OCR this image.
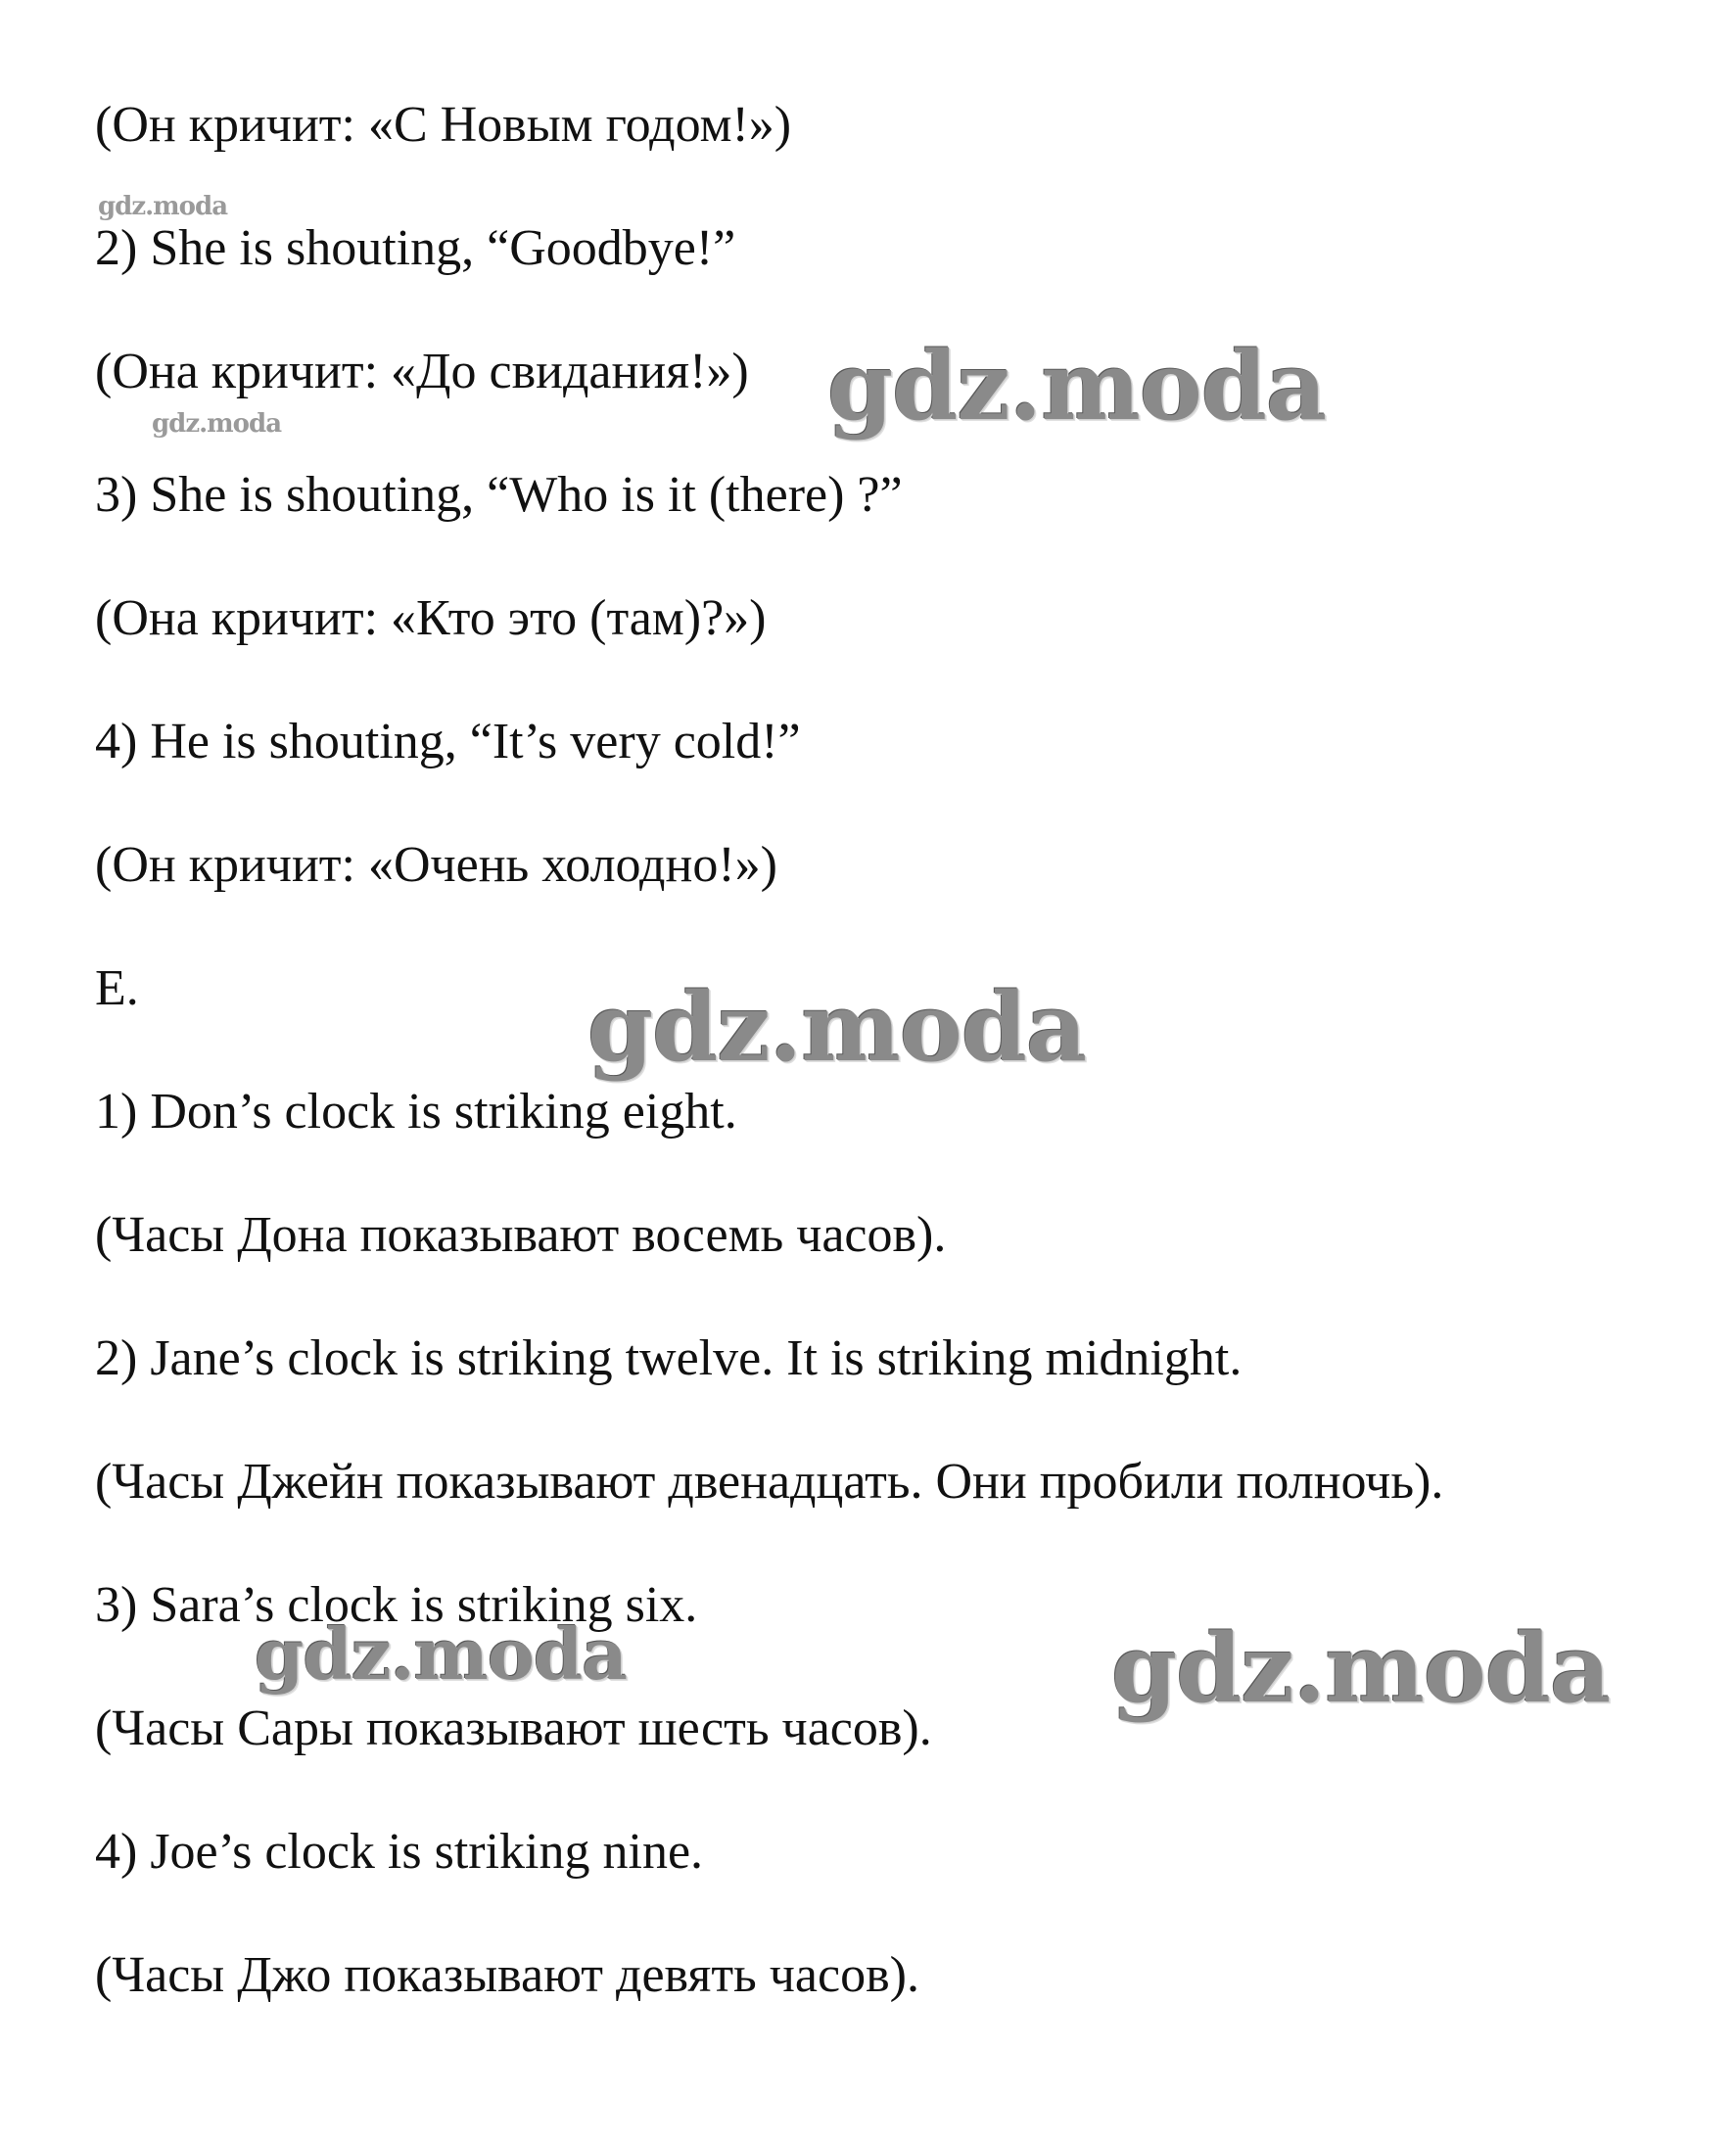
(Он кричит: «С Новым годом!»)

2) She is shouting, “Goodbye!”

(Она кричит: «До свидания!»)

3) She is shouting, “Who is it (there) ?”

(Она кричит: «Кто это (там)?»)

4) He is shouting, “It’s very cold!”

(Он кричит: «Очень холодно!»)

E.

1) Don’s clock is striking eight.

(Часы Дона показывают восемь часов).

2) Jane’s clock is striking twelve. It is striking midnight.

(Часы Джейн показывают двенадцать. Они пробили полночь).

3) Sara’s clock is striking six.

(Часы Сары показывают шесть часов).

4) Joe’s clock is striking nine.

(Часы Джо показывают девять часов).

gdz.moda
gdz.moda	gdz.moda
gdz.moda
gdz.moda	gdz.moda
